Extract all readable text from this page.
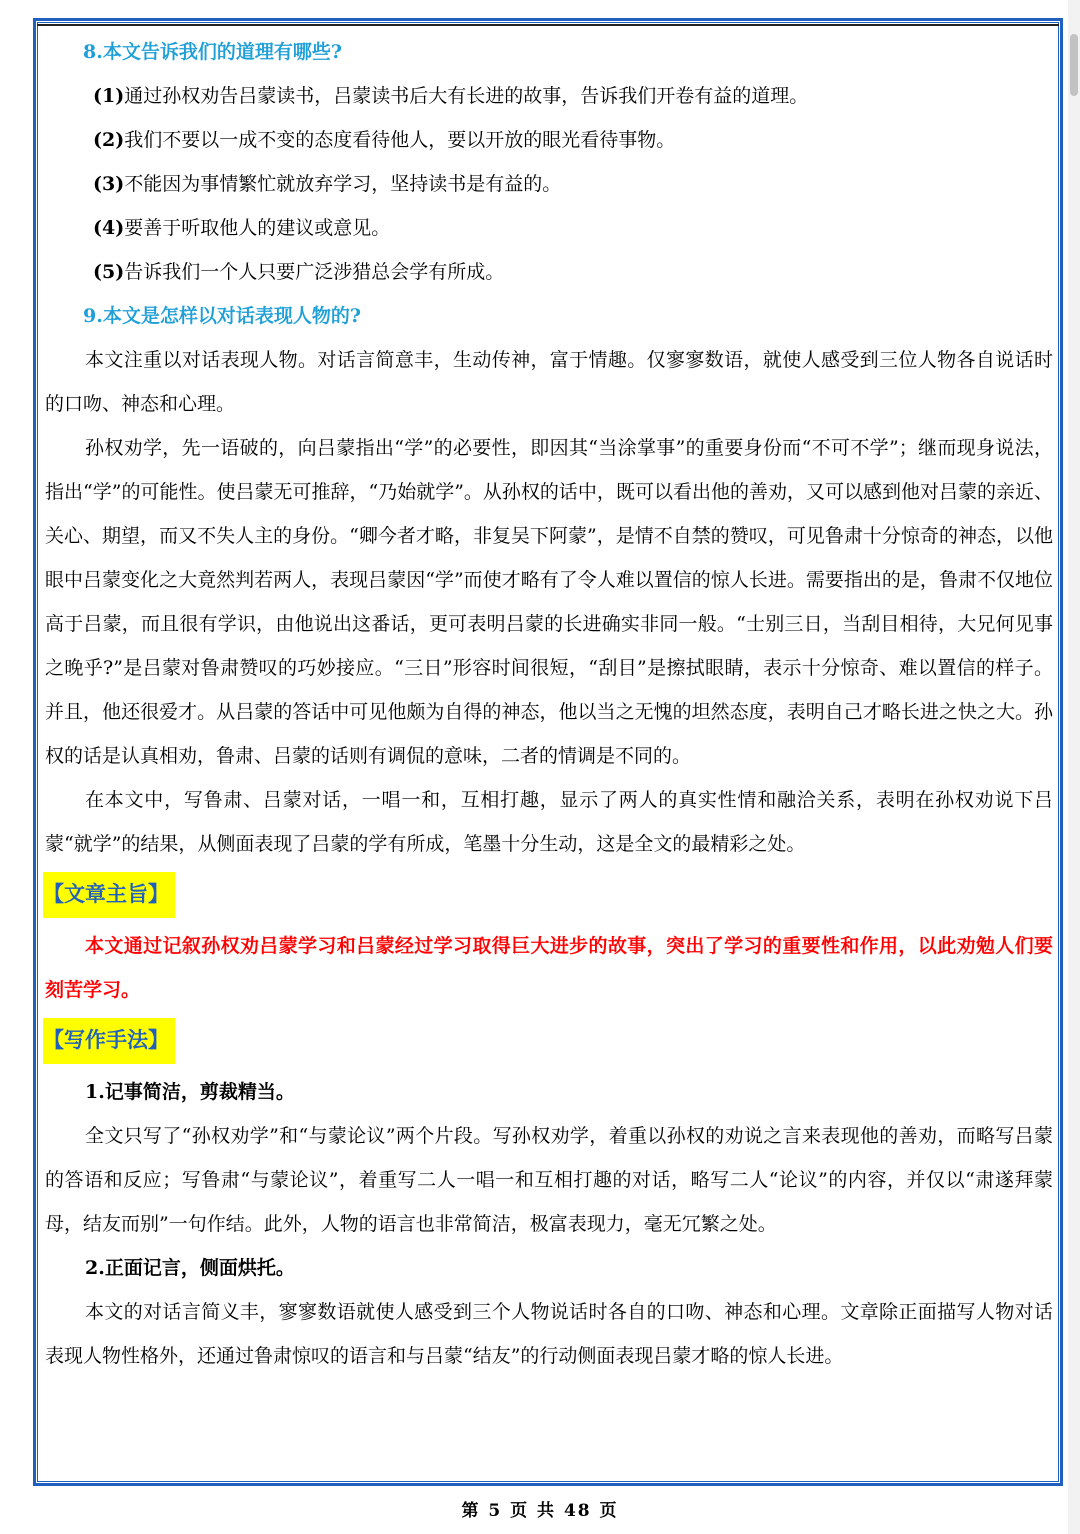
8.本文告诉我们的道理有哪些?

(1)通过孙权劝告吕蒙读书，吕蒙读书后大有长进的故事，告诉我们开卷有益的道理。

(2)我们不要以一成不变的态度看待他人，要以开放的眼光看待事物。

(3)不能因为事情繁忙就放弃学习，坚持读书是有益的。

(4)要善于听取他人的建议或意见。

(5)告诉我们一个人只要广泛涉猎总会学有所成。

9.本文是怎样以对话表现人物的?

本文注重以对话表现人物。对话言简意丰，生动传神，富于情趣。仅寥寥数语，就使人感受到三位人物各自说话时的口吻、神态和心理。

孙权劝学，先一语破的，向吕蒙指出“学”的必要性，即因其“当涂掌事”的重要身份而“不可不学”；继而现身说法，指出“学”的可能性。使吕蒙无可推辞，“乃始就学”。从孙权的话中，既可以看出他的善劝，又可以感到他对吕蒙的亲近、关心、期望，而又不失人主的身份。“卿今者才略，非复吴下阿蒙”，是情不自禁的赞叹，可见鲁肃十分惊奇的神态，以他眼中吕蒙变化之大竟然判若两人，表现吕蒙因“学”而使才略有了令人难以置信的惊人长进。需要指出的是，鲁肃不仅地位高于吕蒙，而且很有学识，由他说出这番话，更可表明吕蒙的长进确实非同一般。“士别三日，当刮目相待，大兄何见事之晚乎?”是吕蒙对鲁肃赞叹的巧妙接应。“三日”形容时间很短，“刮目”是擦拭眼睛，表示十分惊奇、难以置信的样子。并且，他还很爱才。从吕蒙的答话中可见他颇为自得的神态，他以当之无愧的坦然态度，表明自己才略长进之快之大。孙权的话是认真相劝，鲁肃、吕蒙的话则有调侃的意味，二者的情调是不同的。

在本文中，写鲁肃、吕蒙对话，一唱一和，互相打趣，显示了两人的真实性情和融洽关系，表明在孙权劝说下吕蒙“就学”的结果，从侧面表现了吕蒙的学有所成，笔墨十分生动，这是全文的最精彩之处。

【文章主旨】

本文通过记叙孙权劝吕蒙学习和吕蒙经过学习取得巨大进步的故事，突出了学习的重要性和作用，以此劝勉人们要刻苦学习。

【写作手法】

1.记事简洁，剪裁精当。

全文只写了“孙权劝学”和“与蒙论议”两个片段。写孙权劝学，着重以孙权的劝说之言来表现他的善劝，而略写吕蒙的答语和反应；写鲁肃“与蒙论议”，着重写二人一唱一和互相打趣的对话，略写二人“论议”的内容，并仅以“肃遂拜蒙母，结友而别”一句作结。此外，人物的语言也非常简洁，极富表现力，毫无冗繁之处。

2.正面记言，侧面烘托。

本文的对话言简义丰，寥寥数语就使人感受到三个人物说话时各自的口吻、神态和心理。文章除正面描写人物对话表现人物性格外，还通过鲁肃惊叹的语言和与吕蒙“结友”的行动侧面表现吕蒙才略的惊人长进。

第 5 页 共 48 页
